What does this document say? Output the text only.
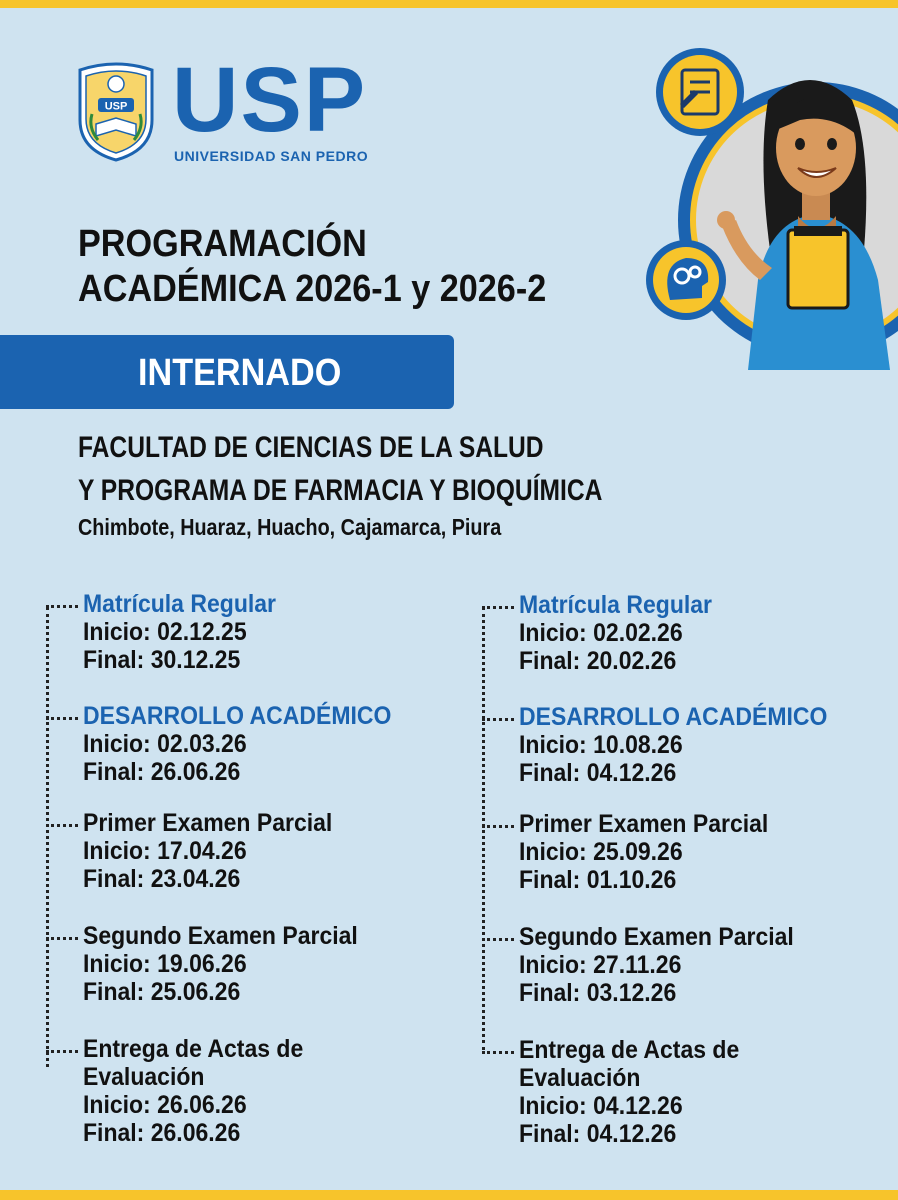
USP USP
UNIVERSIDAD SAN PEDRO
PROGRAMACIÓN
ACADÉMICA 2026-1 y 2026-2
INTERNADO
FACULTAD DE CIENCIAS DE LA SALUD
Y PROGRAMA DE FARMACIA Y BIOQUÍMICA
Chimbote, Huaraz, Huacho, Cajamarca, Piura
Matrícula Regular
Inicio: 02.12.25
Final: 30.12.25
DESARROLLO ACADÉMICO
Inicio: 02.03.26
Final: 26.06.26
Primer Examen Parcial
Inicio: 17.04.26
Final: 23.04.26
Segundo Examen Parcial
Inicio: 19.06.26
Final: 25.06.26
Entrega de Actas de
Evaluación
Inicio: 26.06.26
Final: 26.06.26
Matrícula Regular
Inicio: 02.02.26
Final: 20.02.26
DESARROLLO ACADÉMICO
Inicio: 10.08.26
Final: 04.12.26
Primer Examen Parcial
Inicio: 25.09.26
Final: 01.10.26
Segundo Examen Parcial
Inicio: 27.11.26
Final: 03.12.26
Entrega de Actas de
Evaluación
Inicio: 04.12.26
Final: 04.12.26
